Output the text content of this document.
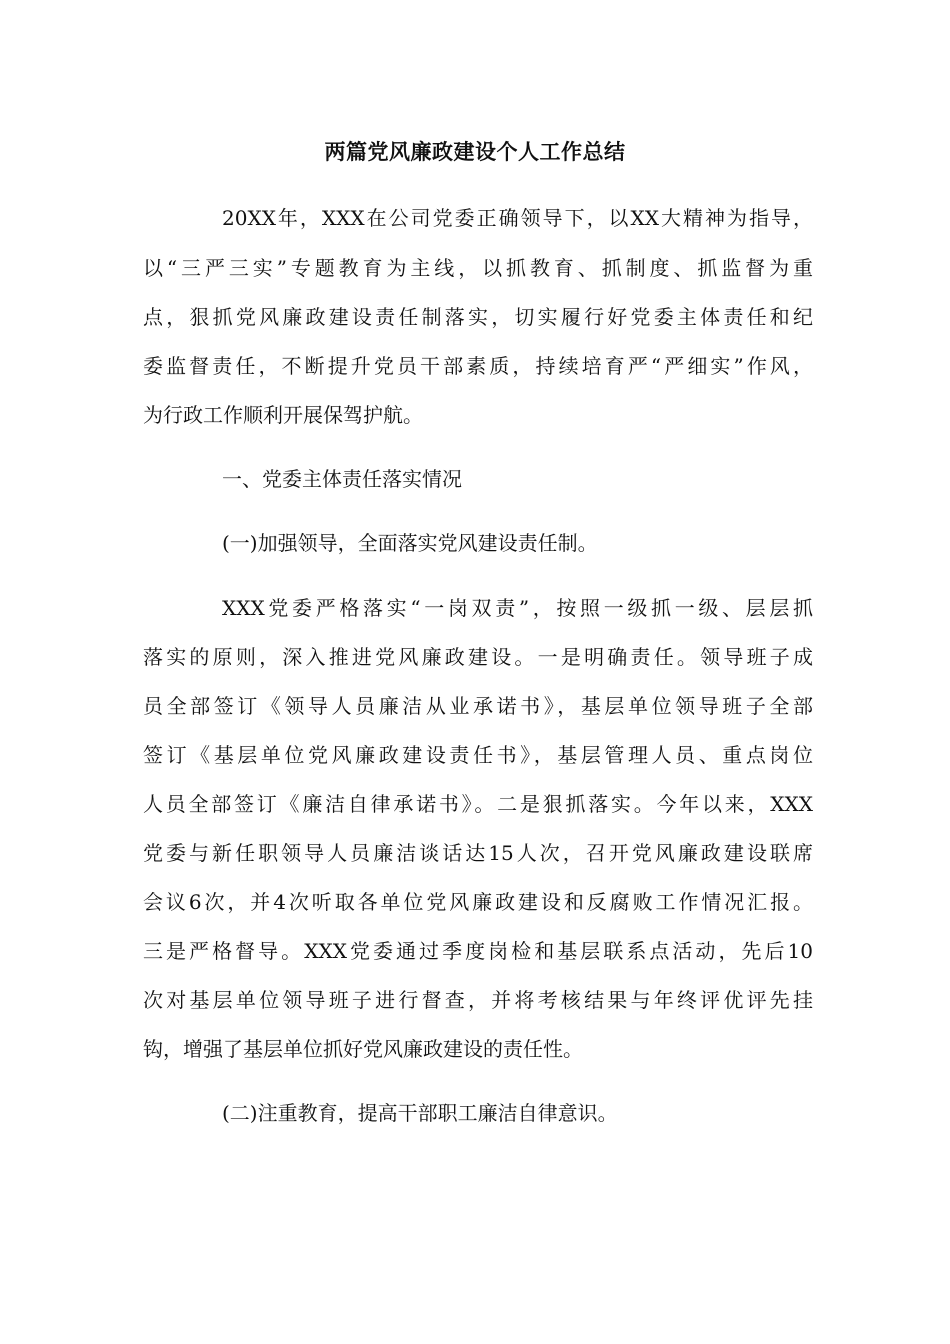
两篇党风廉政建设个人工作总结
20XX年，XXX在公司党委正确领导下，以XX大精神为指导，
以“三严三实”专题教育为主线，以抓教育、抓制度、抓监督为重
点，狠抓党风廉政建设责任制落实，切实履行好党委主体责任和纪
委监督责任，不断提升党员干部素质，持续培育严“严细实”作风，
为行政工作顺利开展保驾护航。
一、党委主体责任落实情况
(一)加强领导，全面落实党风建设责任制。
XXX党委严格落实“一岗双责”，按照一级抓一级、层层抓
落实的原则，深入推进党风廉政建设。一是明确责任。领导班子成
员全部签订《领导人员廉洁从业承诺书》，基层单位领导班子全部
签订《基层单位党风廉政建设责任书》，基层管理人员、重点岗位
人员全部签订《廉洁自律承诺书》。二是狠抓落实。今年以来，XXX
党委与新任职领导人员廉洁谈话达15人次，召开党风廉政建设联席
会议6次，并4次听取各单位党风廉政建设和反腐败工作情况汇报。
三是严格督导。XXX党委通过季度岗检和基层联系点活动，先后10
次对基层单位领导班子进行督查，并将考核结果与年终评优评先挂
钩，增强了基层单位抓好党风廉政建设的责任性。
(二)注重教育，提高干部职工廉洁自律意识。
